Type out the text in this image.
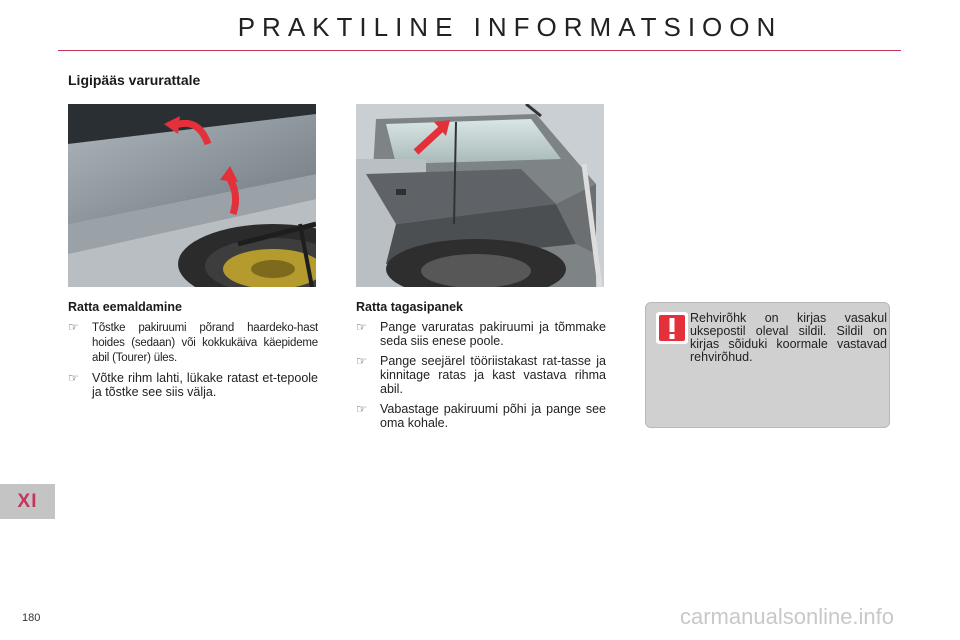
PRAKTILINE INFORMATSIOON
Ligipääs varurattale
Ratta eemaldamine
☞ Tõstke pakiruumi põrand haardeko-hast hoides (sedaan) või kokkukäiva käepideme abil (Tourer) üles.
☞ Võtke rihm lahti, lükake ratast et-tepoole ja tõstke see siis välja.
Ratta tagasipanek
☞ Pange varuratas pakiruumi ja tõmmake seda siis enese poole.
☞ Pange seejärel tööriistakast rat-tasse ja kinnitage ratas ja kast vastava rihma abil.
☞ Vabastage pakiruumi põhi ja pange see oma kohale.
Rehvirõhk on kirjas vasakul uksepostil oleval sildil. Sildil on kirjas sõiduki koormale vastavad rehvirõhud.
XI
180	carmanualsonline.info
